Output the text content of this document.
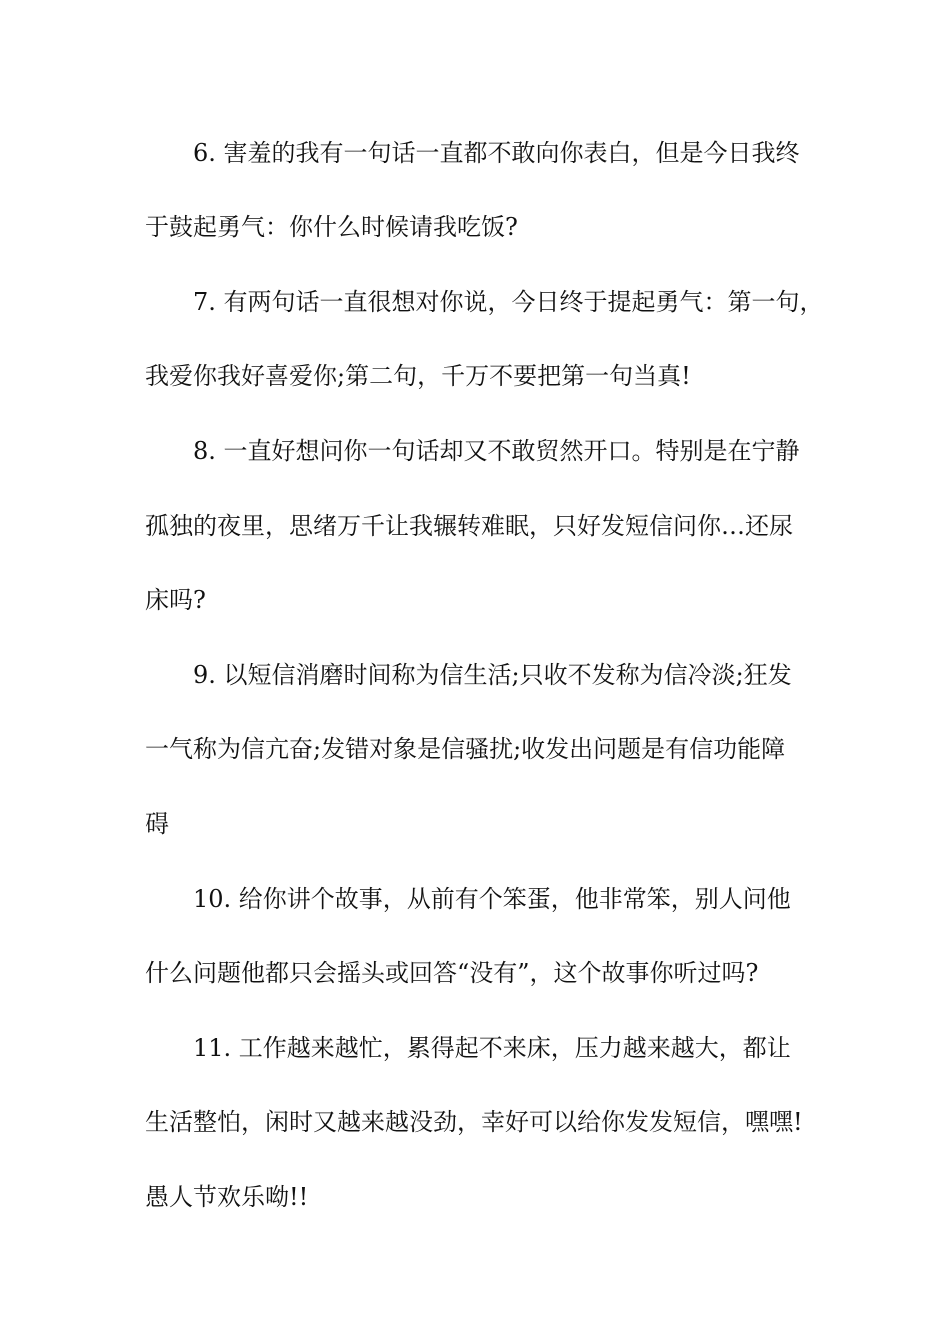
6. 害羞的我有一句话一直都不敢向你表白，但是今日我终

于鼓起勇气：你什么时候请我吃饭?

7. 有两句话一直很想对你说，今日终于提起勇气：第一句，

我爱你我好喜爱你;第二句，千万不要把第一句当真!

8. 一直好想问你一句话却又不敢贸然开口。特别是在宁静

孤独的夜里，思绪万千让我辗转难眠，只好发短信问你…还尿

床吗?

9. 以短信消磨时间称为信生活;只收不发称为信冷淡;狂发

一气称为信亢奋;发错对象是信骚扰;收发出问题是有信功能障

碍

10. 给你讲个故事，从前有个笨蛋，他非常笨，别人问他

什么问题他都只会摇头或回答“没有”，这个故事你听过吗?

11. 工作越来越忙，累得起不来床，压力越来越大，都让

生活整怕，闲时又越来越没劲，幸好可以给你发发短信，嘿嘿!

愚人节欢乐呦!!
